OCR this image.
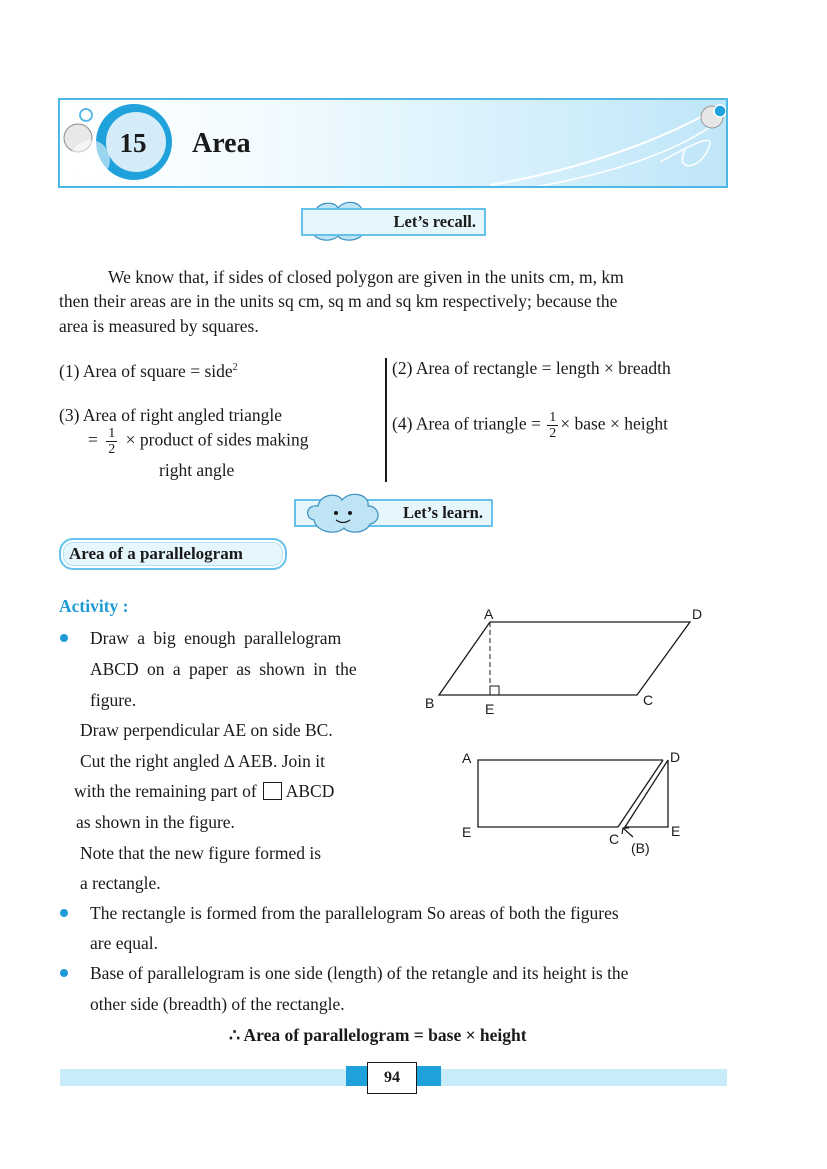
15	Area
Let’s recall.
We know that, if sides of closed polygon are given in the units cm, m, km
then their areas are in the units sq cm, sq m and sq km respectively; because the
area is measured by squares.
(1) Area of square = side$^2$	(2) Area of rectangle = length × breadth
(3) Area of right angled triangle
= $\frac{1}{2}$ × product of sides making
right angle
(4) Area of triangle = $\frac{1}{2}$ × base × height
Let’s learn.
Area of a parallelogram
Activity :
Draw a big enough parallelogram
ABCD on a paper as shown in the
figure.
Draw perpendicular AE on side BC.
Cut the right angled ∆ AEB. Join it
with the remaining part of ABCD
as shown in the figure.
Note that the new figure formed is
a rectangle.
The rectangle is formed from the parallelogram So areas of both the figures
are equal.
Base of parallelogram is one side (length) of the retangle and its height is the
other side (breadth) of the rectangle.
∴ Area of parallelogram = base × height
A	D
B	E
C
A	D
E	C	E
(B)
94
